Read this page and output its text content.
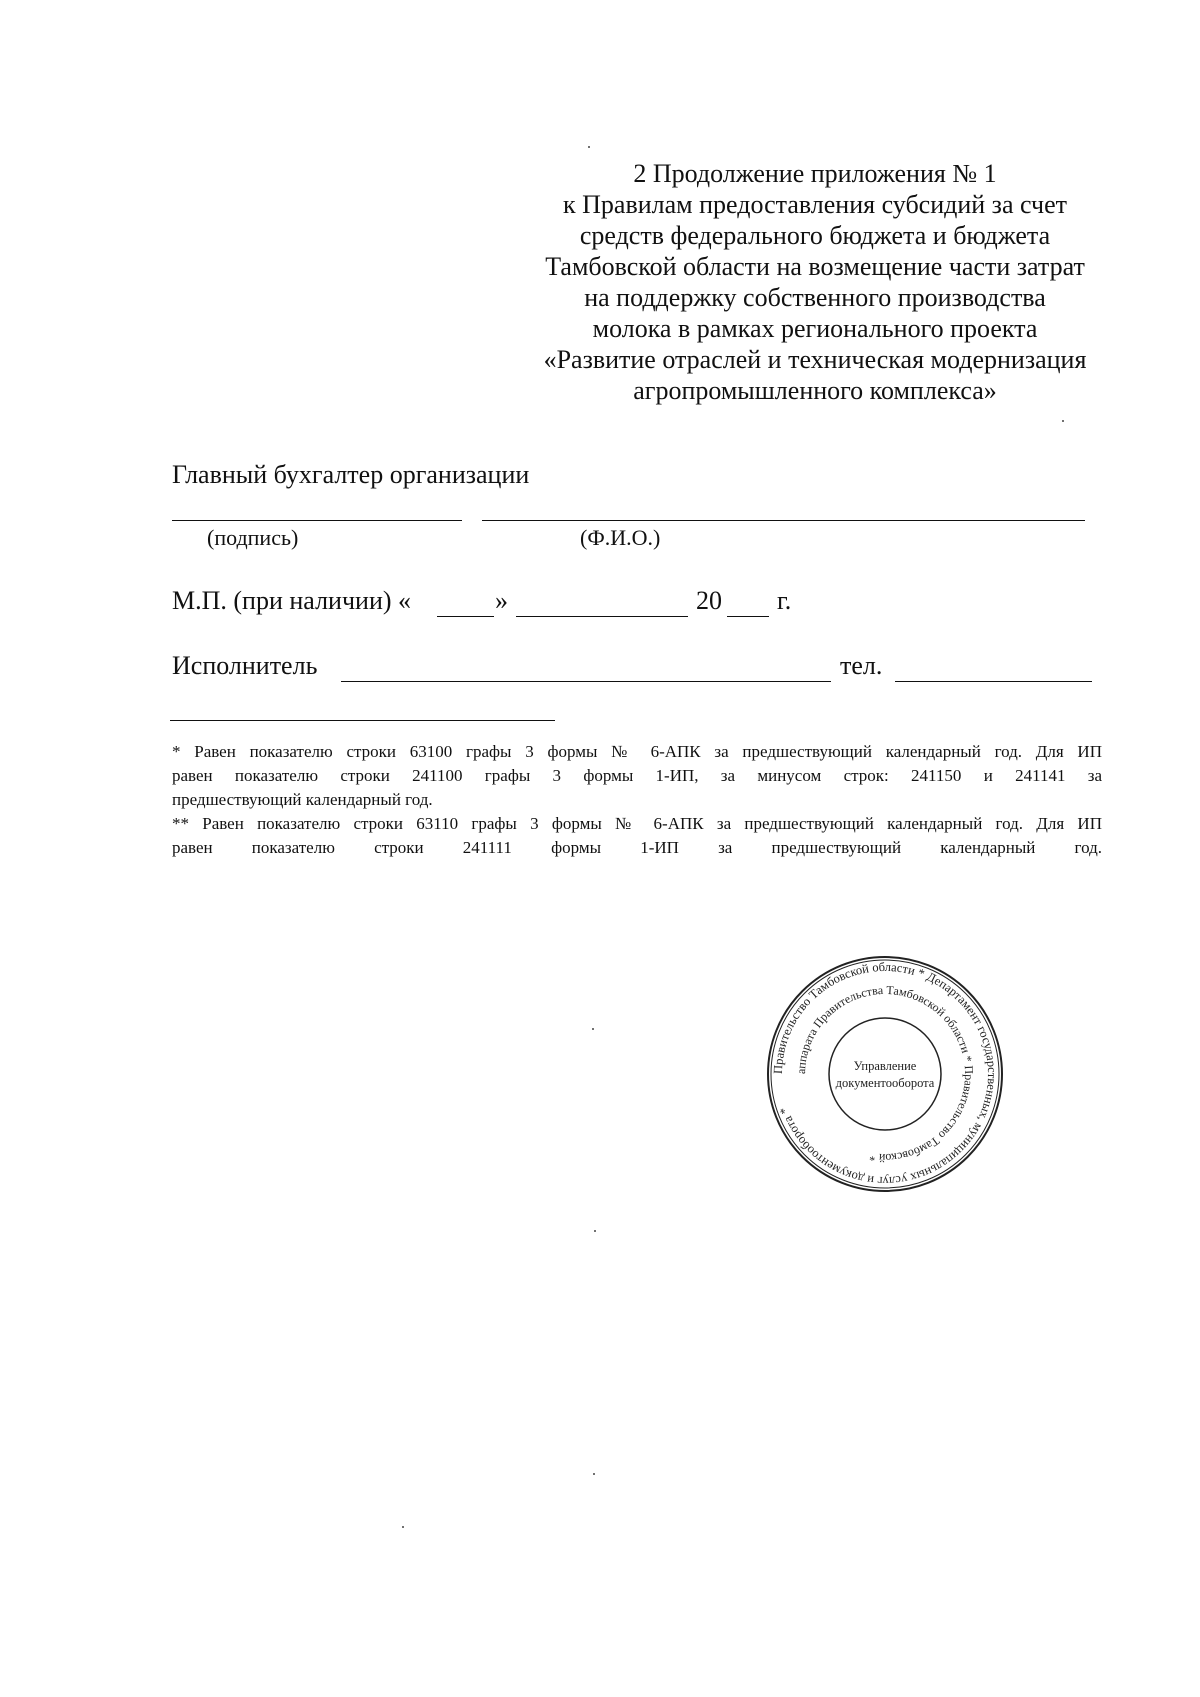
2 Продолжение приложения № 1
к Правилам предоставления субсидий за счет
средств федерального бюджета и бюджета
Тамбовской области на возмещение части затрат
на поддержку собственного производства
молока в рамках регионального проекта
«Развитие отраслей и техническая модернизация
агропромышленного комплекса»
Главный бухгалтер организации
(подпись)	(Ф.И.О.)
М.П. (при наличии) «	»	20 г.
Исполнитель	тел.
* Равен показателю строки 63100 графы 3 формы № 6-АПК за предшествующий календарный год. Для ИП
равен показателю строки 241100 графы 3 формы 1-ИП, за минусом строк: 241150 и 241141 за
предшествующий календарный год.
** Равен показателю строки 63110 графы 3 формы № 6-АПК за предшествующий календарный год. Для ИП
равен показателю строки 241111 формы 1-ИП за предшествующий календарный год.
Правительство Тамбовской области * Департамент государственных, муниципальных услуг и документооборота *
аппарата Правительства Тамбовской области * Правительство Тамбовской *
Управление
документооборота
